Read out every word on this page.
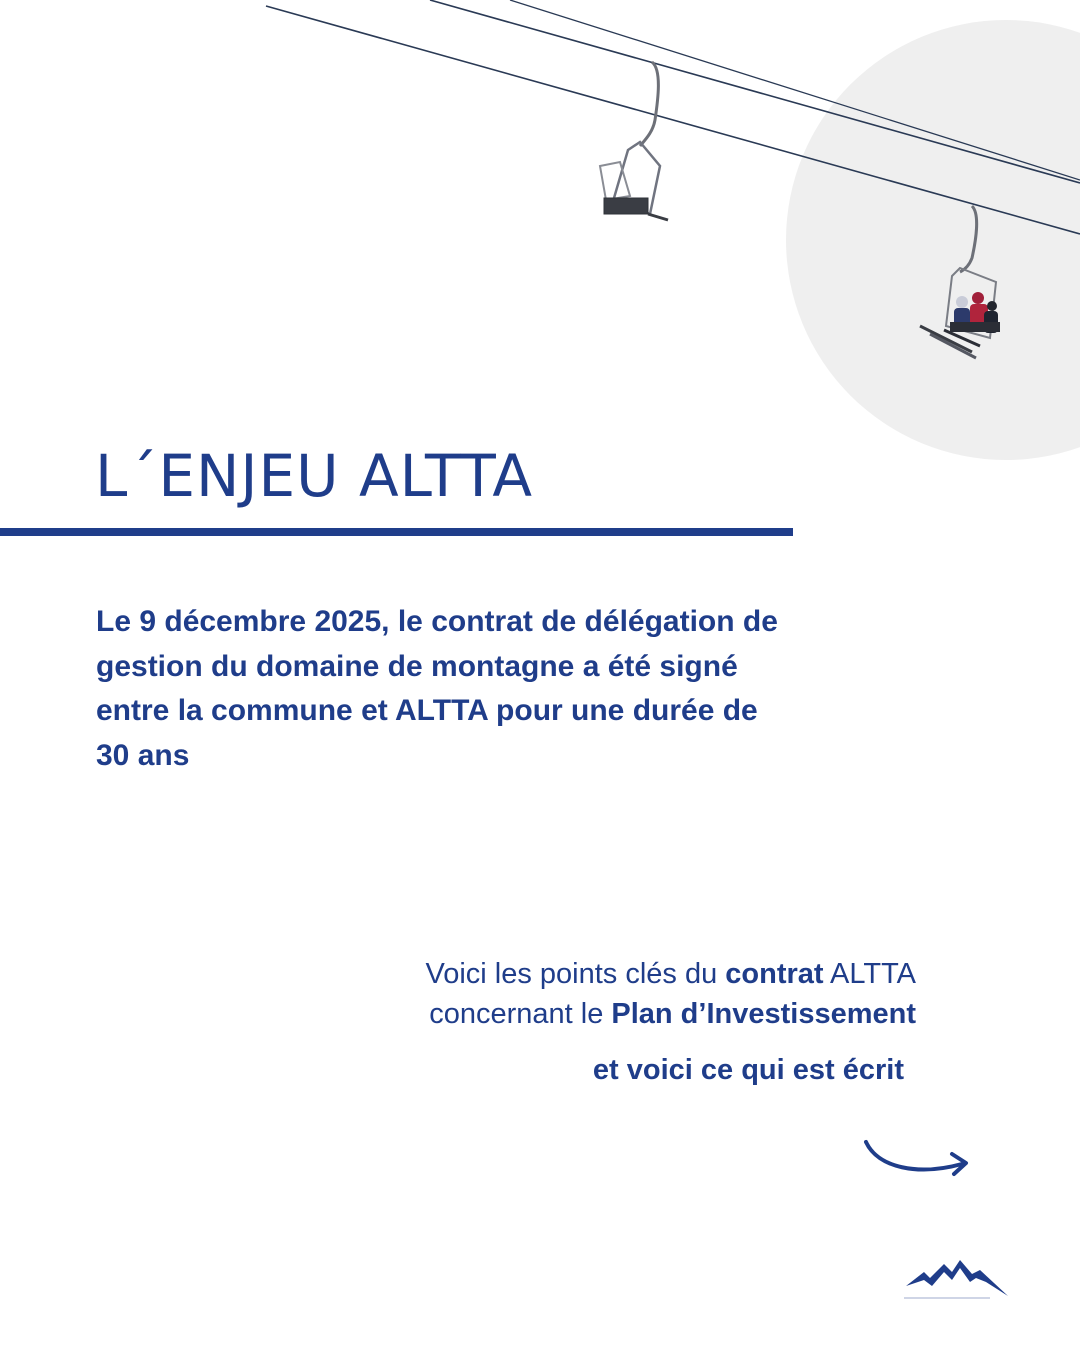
L´ENJEU ALTTA

Le 9 décembre 2025, le contrat de délégation de gestion du domaine de montagne a été signé entre la commune et ALTTA pour une durée de 30 ans

Voici les points clés du contrat ALTTA
concernant le Plan d’Investissement

et voici ce qui est écrit
